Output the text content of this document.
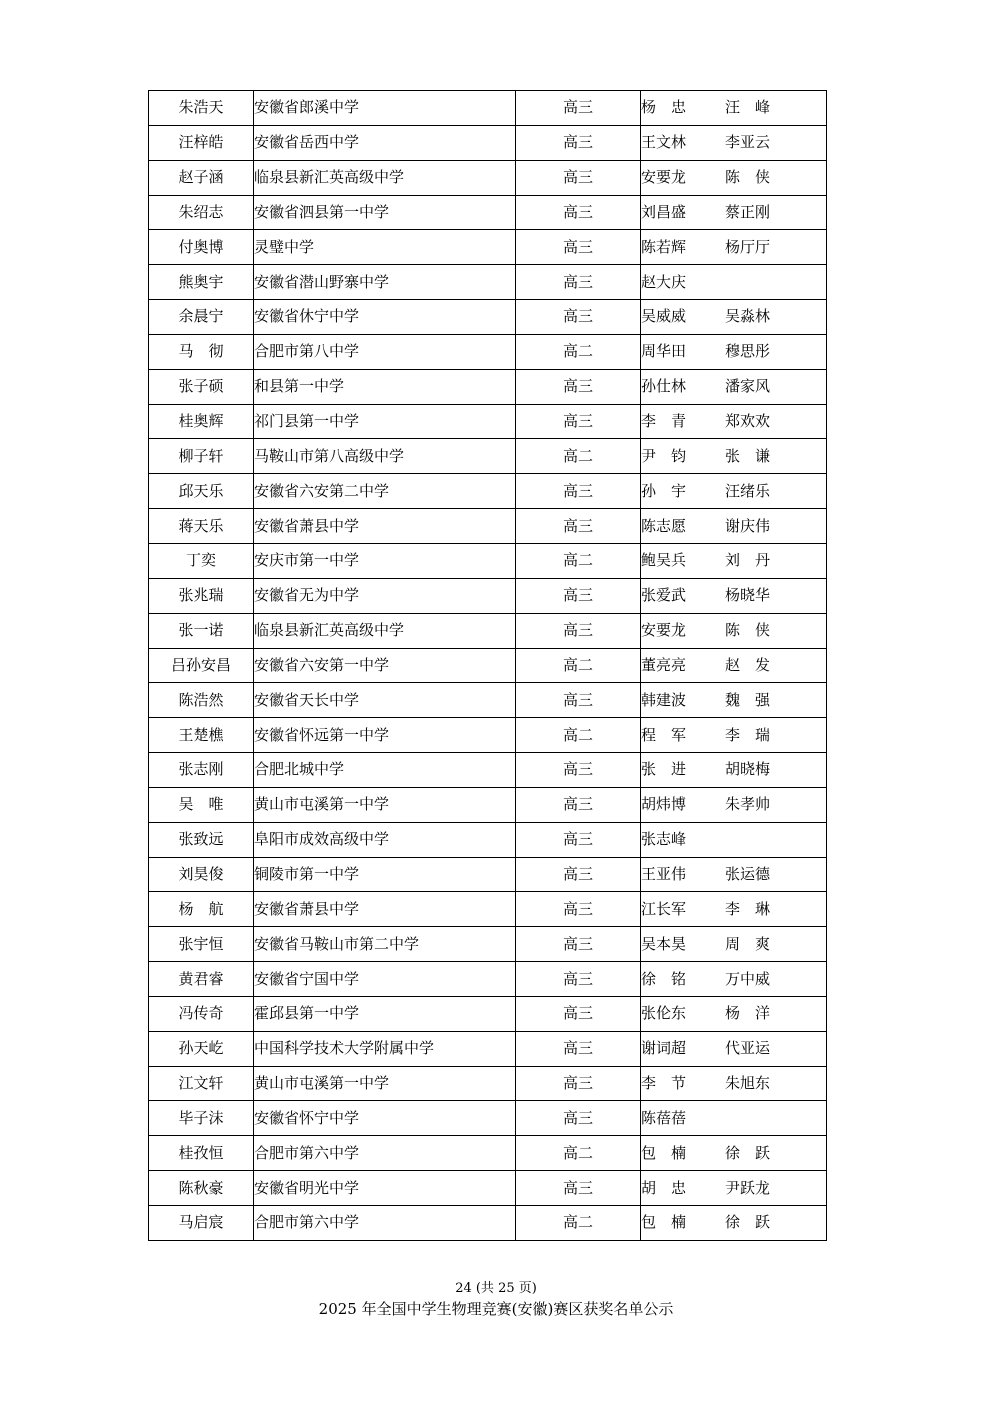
朱浩天	安徽省郎溪中学	高三	杨　忠 汪　峰
汪梓皓	安徽省岳西中学	高三	王文林 李亚云
赵子涵	临泉县新汇英高级中学	高三	安要龙 陈　侠
朱绍志	安徽省泗县第一中学	高三	刘昌盛 蔡正刚
付奥博	灵璧中学	高三	陈若辉 杨厅厅
熊奥宇	安徽省潜山野寨中学	高三	赵大庆
余晨宁	安徽省休宁中学	高三	吴威威 吴淼林
马　彻	合肥市第八中学	高二	周华田 穆思彤
张子硕	和县第一中学	高三	孙仕林 潘家风
桂奥辉	祁门县第一中学	高三	李　青 郑欢欢
柳子轩	马鞍山市第八高级中学	高二	尹　钧 张　谦
邱天乐	安徽省六安第二中学	高三	孙　宇 汪绪乐
蒋天乐	安徽省萧县中学	高三	陈志愿 谢庆伟
丁奕	安庆市第一中学	高二	鲍吴兵 刘　丹
张兆瑞	安徽省无为中学	高三	张爱武 杨晓华
张一诺	临泉县新汇英高级中学	高三	安要龙 陈　侠
吕孙安昌	安徽省六安第一中学	高二	董亮亮 赵　发
陈浩然	安徽省天长中学	高三	韩建波 魏　强
王楚樵	安徽省怀远第一中学	高二	程　军 李　瑞
张志刚	合肥北城中学	高三	张　进 胡晓梅
吴　唯	黄山市屯溪第一中学	高三	胡炜博 朱孝帅
张致远	阜阳市成效高级中学	高三	张志峰
刘昊俊	铜陵市第一中学	高三	王亚伟 张运德
杨　航	安徽省萧县中学	高三	江长军 李　琳
张宇恒	安徽省马鞍山市第二中学	高三	吴本昊 周　爽
黄君睿	安徽省宁国中学	高三	徐　铭 万中威
冯传奇	霍邱县第一中学	高三	张伦东 杨　洋
孙天屹	中国科学技术大学附属中学	高三	谢词超 代亚运
江文轩	黄山市屯溪第一中学	高三	李　节 朱旭东
毕子沫	安徽省怀宁中学	高三	陈蓓蓓
桂孜恒	合肥市第六中学	高二	包　楠 徐　跃
陈秋豪	安徽省明光中学	高三	胡　忠 尹跃龙
马启宸	合肥市第六中学	高二	包　楠 徐　跃
24 (共 25 页)
2025 年全国中学生物理竞赛(安徽)赛区获奖名单公示
